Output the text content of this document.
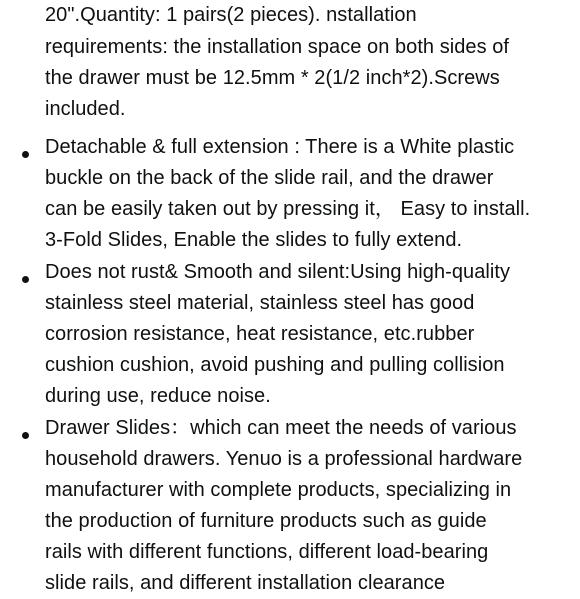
20".Quantity: 1 pairs(2 pieces). nstallation
requirements: the installation space on both sides of
the drawer must be 12.5mm * 2(1/2 inch*2).Screws
included.
Detachable & full extension : There is a White plastic
buckle on the back of the slide rail, and the drawer
can be easily taken out by pressing it， Easy to install.
3-Fold Slides, Enable the slides to fully extend.
Does not rust& Smooth and silent:Using high-quality
stainless steel material, stainless steel has good
corrosion resistance, heat resistance, etc.rubber
cushion cushion, avoid pushing and pulling collision
during use, reduce noise.
Drawer Slides：which can meet the needs of various
household drawers. Yenuo is a professional hardware
manufacturer with complete products, specializing in
the production of furniture products such as guide
rails with different functions, different load-bearing
slide rails, and different installation clearance
